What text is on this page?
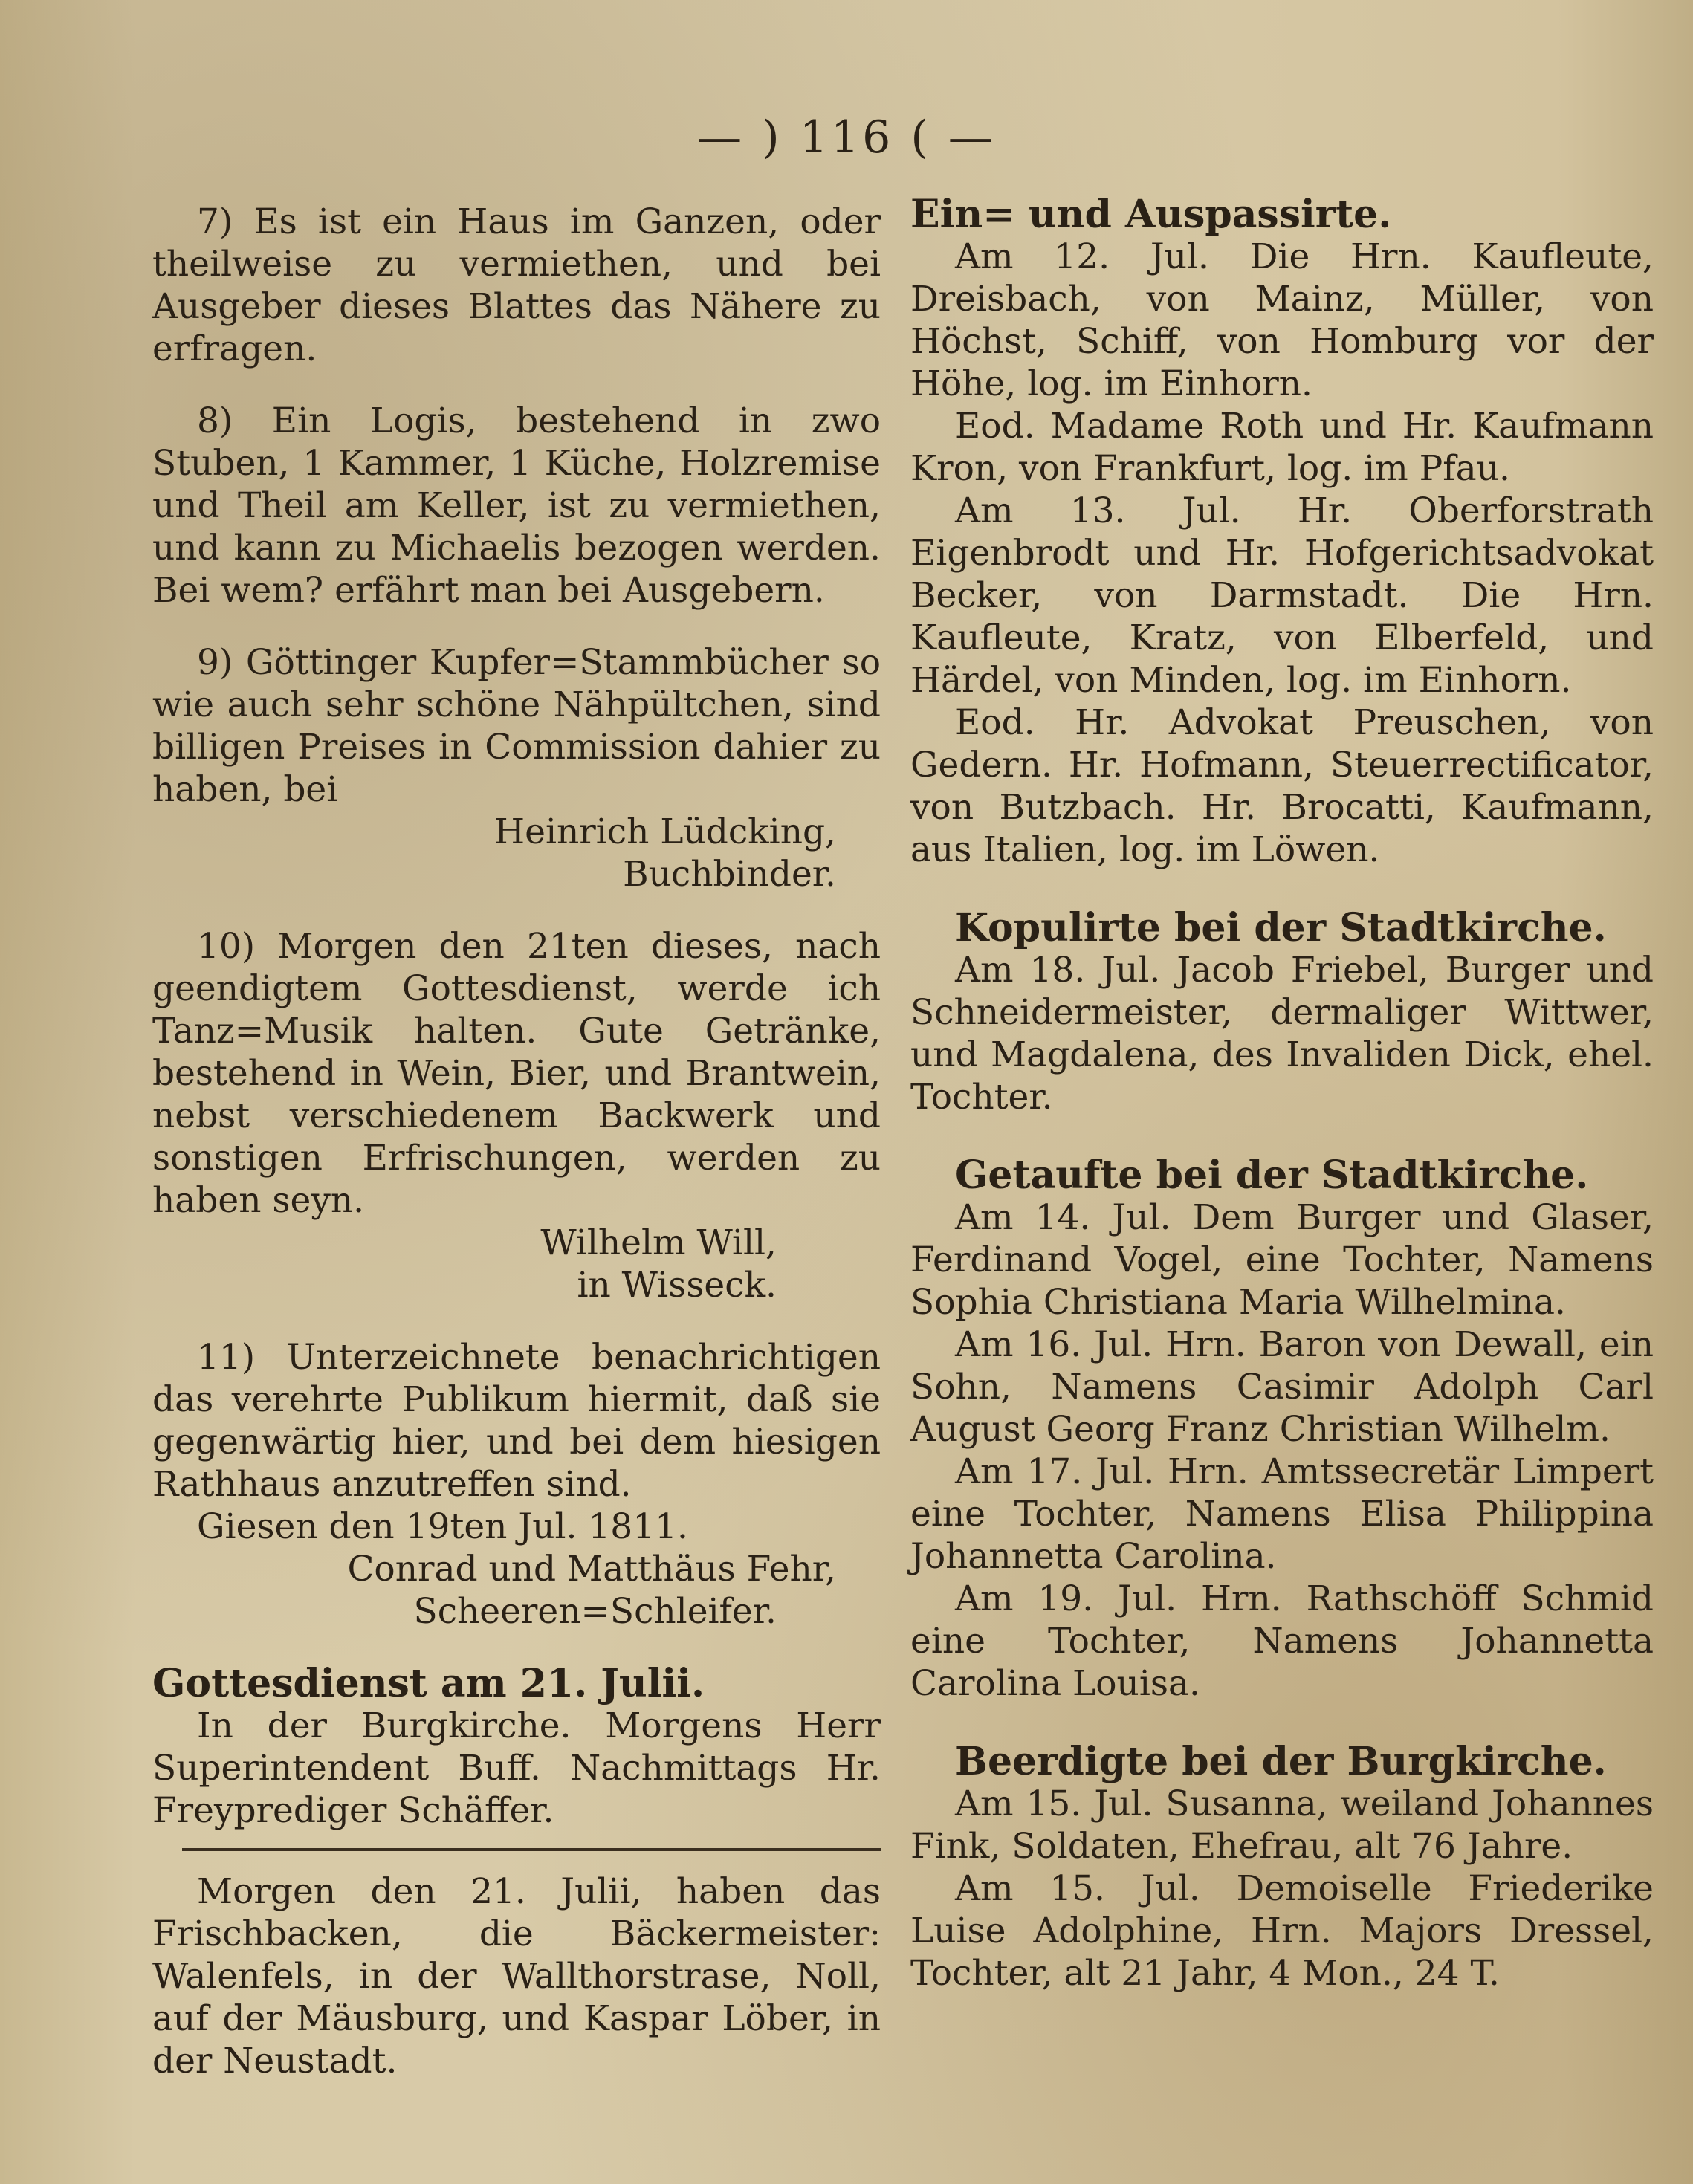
— ) 116 ( —

7) Es ist ein Haus im Ganzen, oder theilweise zu vermiethen, und bei Ausgeber dieses Blattes das Nähere zu erfragen.

8) Ein Logis, bestehend in zwo Stuben, 1 Kammer, 1 Küche, Holzremise und Theil am Keller, ist zu vermiethen, und kann zu Michaelis bezogen werden. Bei wem? erfährt man bei Ausgebern.

9) Göttinger Kupfer=Stammbücher so wie auch sehr schöne Nähpültchen, sind billigen Preises in Commission dahier zu haben, bei

Heinrich Lüdcking,

Buchbinder.

10) Morgen den 21ten dieses, nach geendigtem Gottesdienst, werde ich Tanz=Musik halten. Gute Getränke, bestehend in Wein, Bier, und Brantwein, nebst verschiedenem Backwerk und sonstigen Erfrischungen, werden zu haben seyn.

Wilhelm Will,

in Wisseck.

11) Unterzeichnete benachrichtigen das verehrte Publikum hiermit, daß sie gegenwärtig hier, und bei dem hiesigen Rathhaus anzutreffen sind.

Giesen den 19ten Jul. 1811.

Conrad und Matthäus Fehr,

Scheeren=Schleifer.

Gottesdienst am 21. Julii.

In der Burgkirche. Morgens Herr Superintendent Buff. Nachmittags Hr. Freyprediger Schäffer.

Morgen den 21. Julii, haben das Frischbacken, die Bäckermeister: Walenfels, in der Wallthorstrase, Noll, auf der Mäusburg, und Kaspar Löber, in der Neustadt.

Ein= und Auspassirte.

Am 12. Jul. Die Hrn. Kaufleute, Dreisbach, von Mainz, Müller, von Höchst, Schiff, von Homburg vor der Höhe, log. im Einhorn.

Eod. Madame Roth und Hr. Kaufmann Kron, von Frankfurt, log. im Pfau.

Am 13. Jul. Hr. Oberforstrath Eigenbrodt und Hr. Hofgerichtsadvokat Becker, von Darmstadt. Die Hrn. Kaufleute, Kratz, von Elberfeld, und Härdel, von Minden, log. im Einhorn.

Eod. Hr. Advokat Preuschen, von Gedern. Hr. Hofmann, Steuerrectificator, von Butzbach. Hr. Brocatti, Kaufmann, aus Italien, log. im Löwen.

Kopulirte bei der Stadtkirche.

Am 18. Jul. Jacob Friebel, Burger und Schneidermeister, dermaliger Wittwer, und Magdalena, des Invaliden Dick, ehel. Tochter.

Getaufte bei der Stadtkirche.

Am 14. Jul. Dem Burger und Glaser, Ferdinand Vogel, eine Tochter, Namens Sophia Christiana Maria Wilhelmina.

Am 16. Jul. Hrn. Baron von Dewall, ein Sohn, Namens Casimir Adolph Carl August Georg Franz Christian Wilhelm.

Am 17. Jul. Hrn. Amtssecretär Limpert eine Tochter, Namens Elisa Philippina Johannetta Carolina.

Am 19. Jul. Hrn. Rathschöff Schmid eine Tochter, Namens Johannetta Carolina Louisa.

Beerdigte bei der Burgkirche.

Am 15. Jul. Susanna, weiland Johannes Fink, Soldaten, Ehefrau, alt 76 Jahre.

Am 15. Jul. Demoiselle Friederike Luise Adolphine, Hrn. Majors Dressel, Tochter, alt 21 Jahr, 4 Mon., 24 T.
